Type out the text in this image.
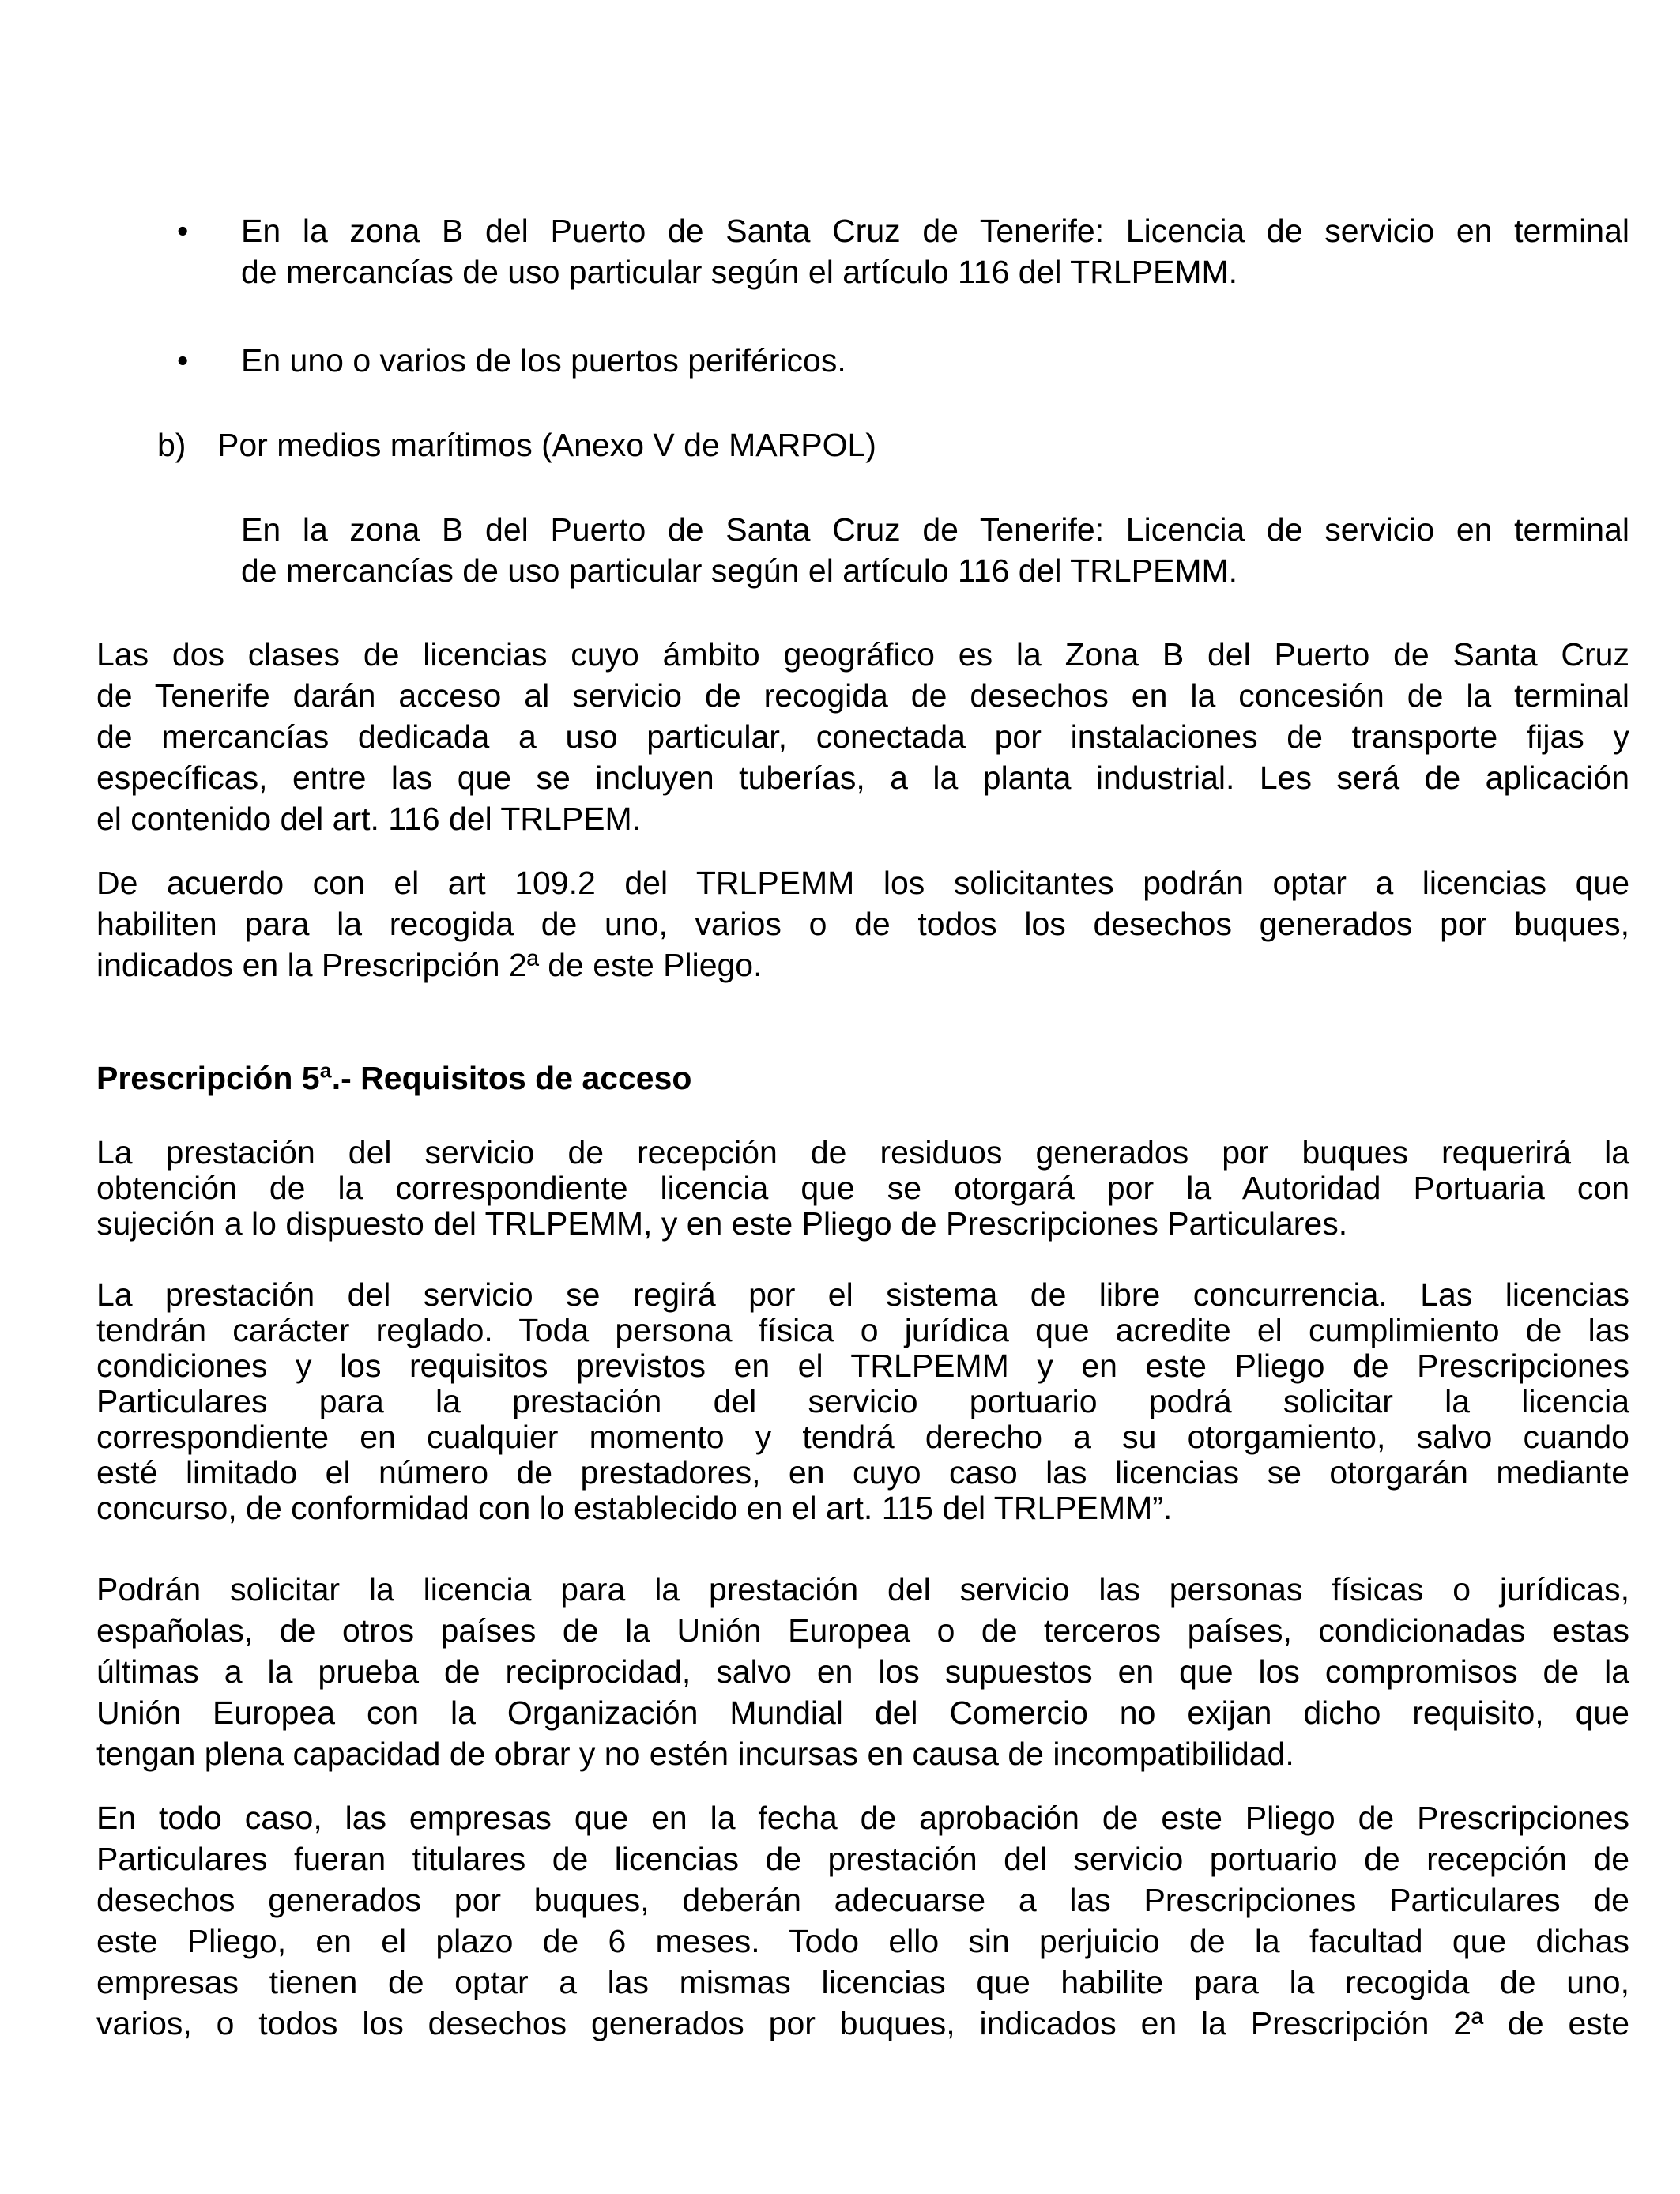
• En la zona B del Puerto de Santa Cruz de Tenerife: Licencia de servicio en terminal
de mercancías de uso particular según el artículo 116 del TRLPEMM.
• En uno o varios de los puertos periféricos.
b) Por medios marítimos (Anexo V de MARPOL)
En la zona B del Puerto de Santa Cruz de Tenerife: Licencia de servicio en terminal
de mercancías de uso particular según el artículo 116 del TRLPEMM.
Las dos clases de licencias cuyo ámbito geográfico es la Zona B del Puerto de Santa Cruz
de Tenerife darán acceso al servicio de recogida de desechos en la concesión de la terminal
de mercancías dedicada a uso particular, conectada por instalaciones de transporte fijas y
específicas, entre las que se incluyen tuberías, a la planta industrial. Les será de aplicación
el contenido del art. 116 del TRLPEM.
De acuerdo con el art 109.2 del TRLPEMM los solicitantes podrán optar a licencias que
habiliten para la recogida de uno, varios o de todos los desechos generados por buques,
indicados en la Prescripción 2ª de este Pliego.
Prescripción 5ª.- Requisitos de acceso
La prestación del servicio de recepción de residuos generados por buques requerirá la
obtención de la correspondiente licencia que se otorgará por la Autoridad Portuaria con
sujeción a lo dispuesto del TRLPEMM, y en este Pliego de Prescripciones Particulares.
La prestación del servicio se regirá por el sistema de libre concurrencia. Las licencias
tendrán carácter reglado. Toda persona física o jurídica que acredite el cumplimiento de las
condiciones y los requisitos previstos en el TRLPEMM y en este Pliego de Prescripciones
Particulares para la prestación del servicio portuario podrá solicitar la licencia
correspondiente en cualquier momento y tendrá derecho a su otorgamiento, salvo cuando
esté limitado el número de prestadores, en cuyo caso las licencias se otorgarán mediante
concurso, de conformidad con lo establecido en el art. 115 del TRLPEMM”.
Podrán solicitar la licencia para la prestación del servicio las personas físicas o jurídicas,
españolas, de otros países de la Unión Europea o de terceros países, condicionadas estas
últimas a la prueba de reciprocidad, salvo en los supuestos en que los compromisos de la
Unión Europea con la Organización Mundial del Comercio no exijan dicho requisito, que
tengan plena capacidad de obrar y no estén incursas en causa de incompatibilidad.
En todo caso, las empresas que en la fecha de aprobación de este Pliego de Prescripciones
Particulares fueran titulares de licencias de prestación del servicio portuario de recepción de
desechos generados por buques, deberán adecuarse a las Prescripciones Particulares de
este Pliego, en el plazo de 6 meses. Todo ello sin perjuicio de la facultad que dichas
empresas tienen de optar a las mismas licencias que habilite para la recogida de uno,
varios, o todos los desechos generados por buques, indicados en la Prescripción 2ª de este
